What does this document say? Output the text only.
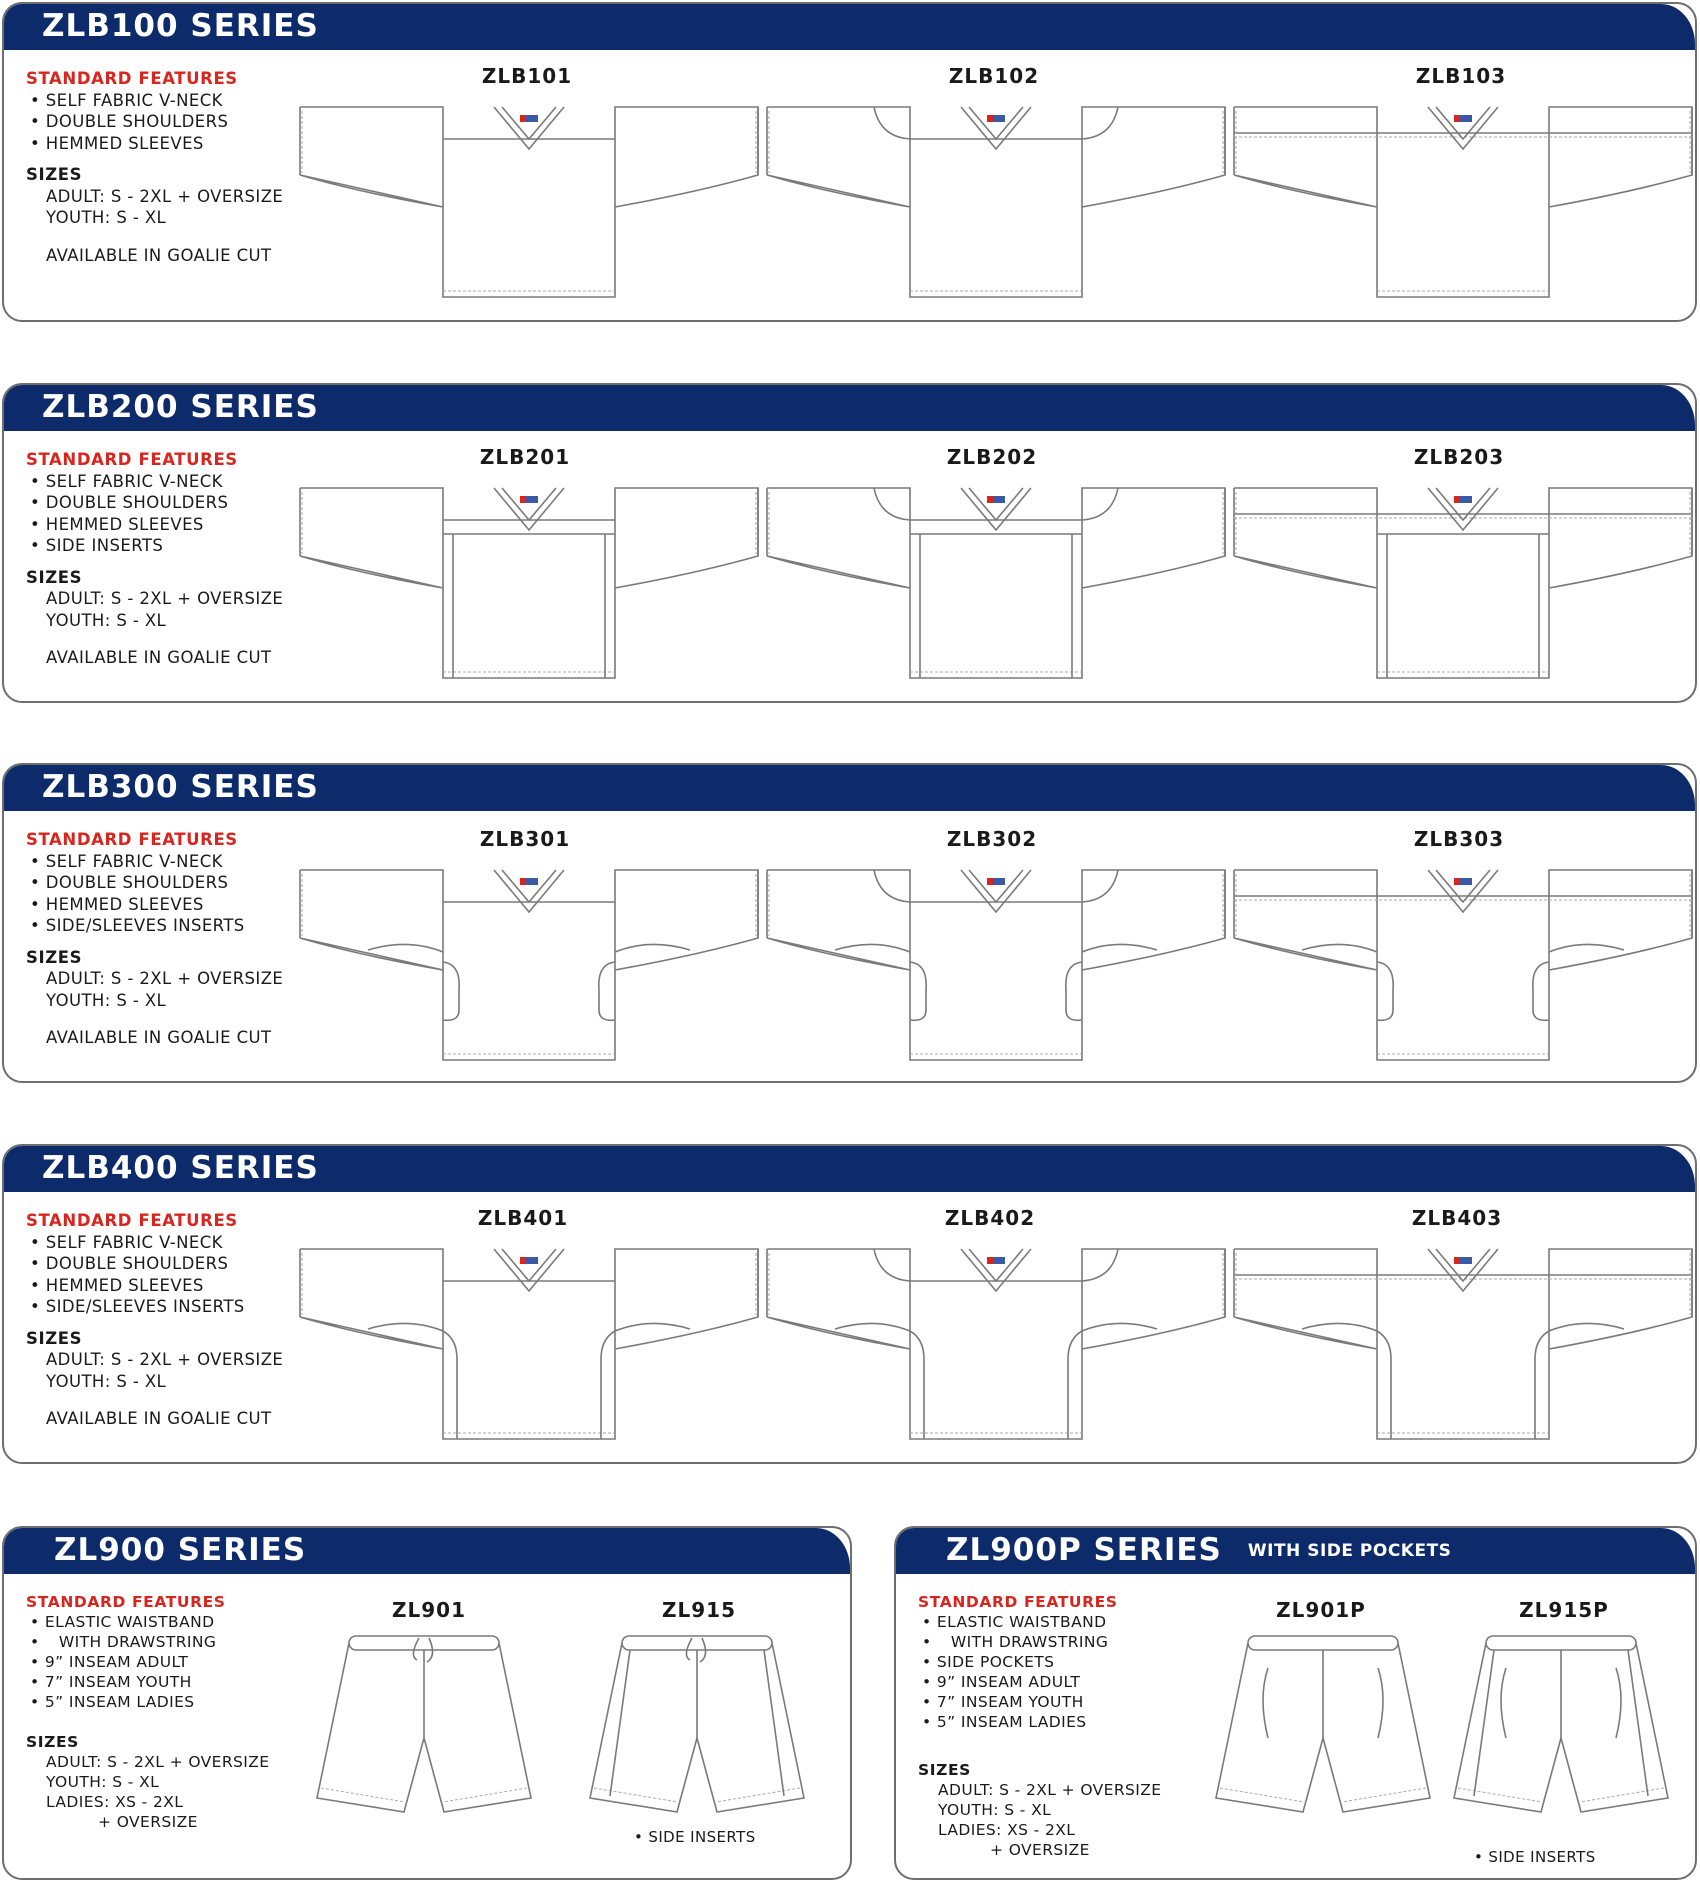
ZLB100 SERIES
STANDARD FEATURES
• SELF FABRIC V-NECK
• DOUBLE SHOULDERS
• HEMMED SLEEVES
SIZES
ADULT: S - 2XL + OVERSIZE
YOUTH: S - XL
AVAILABLE IN GOALIE CUT
ZLB101	ZLB102	ZLB103
ZLB200 SERIES
STANDARD FEATURES
• SELF FABRIC V-NECK
• DOUBLE SHOULDERS
• HEMMED SLEEVES
• SIDE INSERTS
SIZES
ADULT: S - 2XL + OVERSIZE
YOUTH: S - XL
AVAILABLE IN GOALIE CUT
ZLB201	ZLB202	ZLB203
ZLB300 SERIES
STANDARD FEATURES
• SELF FABRIC V-NECK
• DOUBLE SHOULDERS
• HEMMED SLEEVES
• SIDE/SLEEVES INSERTS
SIZES
ADULT: S - 2XL + OVERSIZE
YOUTH: S - XL
AVAILABLE IN GOALIE CUT
ZLB301	ZLB302	ZLB303
ZLB400 SERIES
STANDARD FEATURES
• SELF FABRIC V-NECK
• DOUBLE SHOULDERS
• HEMMED SLEEVES
• SIDE/SLEEVES INSERTS
SIZES
ADULT: S - 2XL + OVERSIZE
YOUTH: S - XL
AVAILABLE IN GOALIE CUT
ZLB401	ZLB402	ZLB403
ZL900 SERIES
STANDARD FEATURES
• ELASTIC WAISTBAND
• WITH DRAWSTRING
• 9” INSEAM ADULT
• 7” INSEAM YOUTH
• 5” INSEAM LADIES
SIZES
ADULT: S - 2XL + OVERSIZE
YOUTH: S - XL
LADIES: XS - 2XL
+ OVERSIZE
ZL901	ZL915
• SIDE INSERTS
ZL900P SERIES $^{WITH SIDE POCKETS}$
STANDARD FEATURES
• ELASTIC WAISTBAND
• WITH DRAWSTRING
• SIDE POCKETS
• 9” INSEAM ADULT
• 7” INSEAM YOUTH
• 5” INSEAM LADIES
SIZES
ADULT: S - 2XL + OVERSIZE
YOUTH: S - XL
LADIES: XS - 2XL
+ OVERSIZE
ZL901P	ZL915P
• SIDE INSERTS
